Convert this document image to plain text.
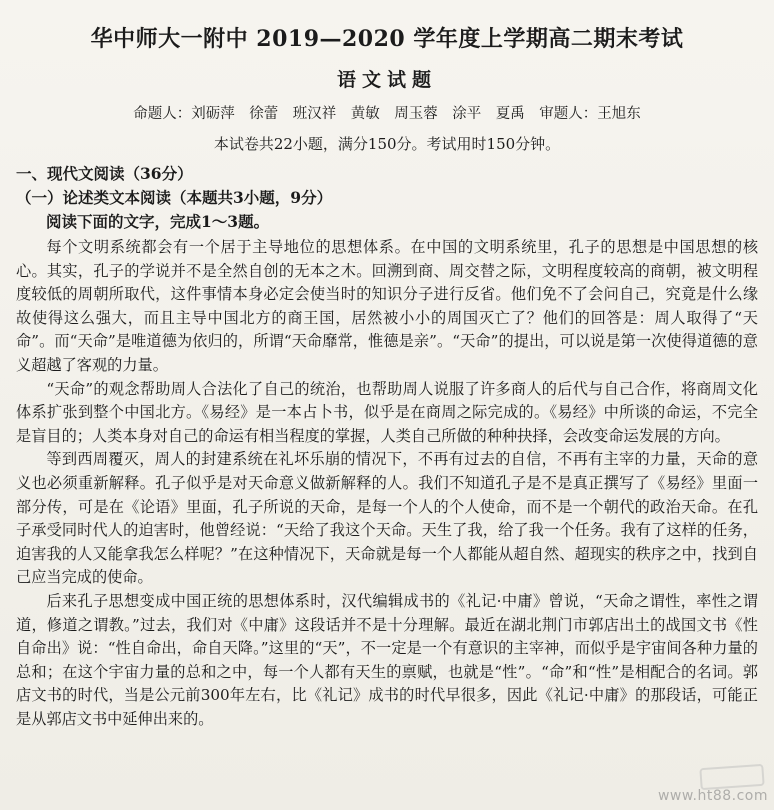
华中师大一附中 2019—2020 学年度上学期高二期末考试
语文试题
命题人：刘砺萍　徐蕾　班汉祥　黄敏　周玉蓉　涂平　夏禹　审题人：王旭东
本试卷共22小题，满分150分。考试用时150分钟。
一、现代文阅读（36分）
（一）论述类文本阅读（本题共3小题，9分）
阅读下面的文字，完成1～3题。

每个文明系统都会有一个居于主导地位的思想体系。在中国的文明系统里，孔子的思想是中国思想的核心。其实，孔子的学说并不是全然自创的无本之木。回溯到商、周交替之际，文明程度较高的商朝，被文明程度较低的周朝所取代，这件事情本身必定会使当时的知识分子进行反省。他们免不了会问自己，究竟是什么缘故使得这么强大，而且主导中国北方的商王国，居然被小小的周国灭亡了？他们的回答是：周人取得了“天命”。而“天命”是唯道德为依归的，所谓“天命靡常，惟德是亲”。“天命”的提出，可以说是第一次使得道德的意义超越了客观的力量。

“天命”的观念帮助周人合法化了自己的统治，也帮助周人说服了许多商人的后代与自己合作，将商周文化体系扩张到整个中国北方。《易经》是一本占卜书，似乎是在商周之际完成的。《易经》中所谈的命运，不完全是盲目的；人类本身对自己的命运有相当程度的掌握，人类自己所做的种种抉择，会改变命运发展的方向。

等到西周覆灭，周人的封建系统在礼坏乐崩的情况下，不再有过去的自信，不再有主宰的力量，天命的意义也必须重新解释。孔子似乎是对天命意义做新解释的人。我们不知道孔子是不是真正撰写了《易经》里面一部分传，可是在《论语》里面，孔子所说的天命，是每一个人的个人使命，而不是一个朝代的政治天命。在孔子承受同时代人的迫害时，他曾经说：“天给了我这个天命。天生了我，给了我一个任务。我有了这样的任务，迫害我的人又能拿我怎么样呢？”在这种情况下，天命就是每一个人都能从超自然、超现实的秩序之中，找到自己应当完成的使命。

后来孔子思想变成中国正统的思想体系时，汉代编辑成书的《礼记·中庸》曾说，“天命之谓性，率性之谓道，修道之谓教。”过去，我们对《中庸》这段话并不是十分理解。最近在湖北荆门市郭店出土的战国文书《性自命出》说：“性自命出，命自天降。”这里的“天”，不一定是一个有意识的主宰神，而似乎是宇宙间各种力量的总和；在这个宇宙力量的总和之中，每一个人都有天生的禀赋，也就是“性”。“命”和“性”是相配合的名词。郭店文书的时代，当是公元前300年左右，比《礼记》成书的时代早很多，因此《礼记·中庸》的那段话，可能正是从郭店文书中延伸出来的。

www.ht88.com
